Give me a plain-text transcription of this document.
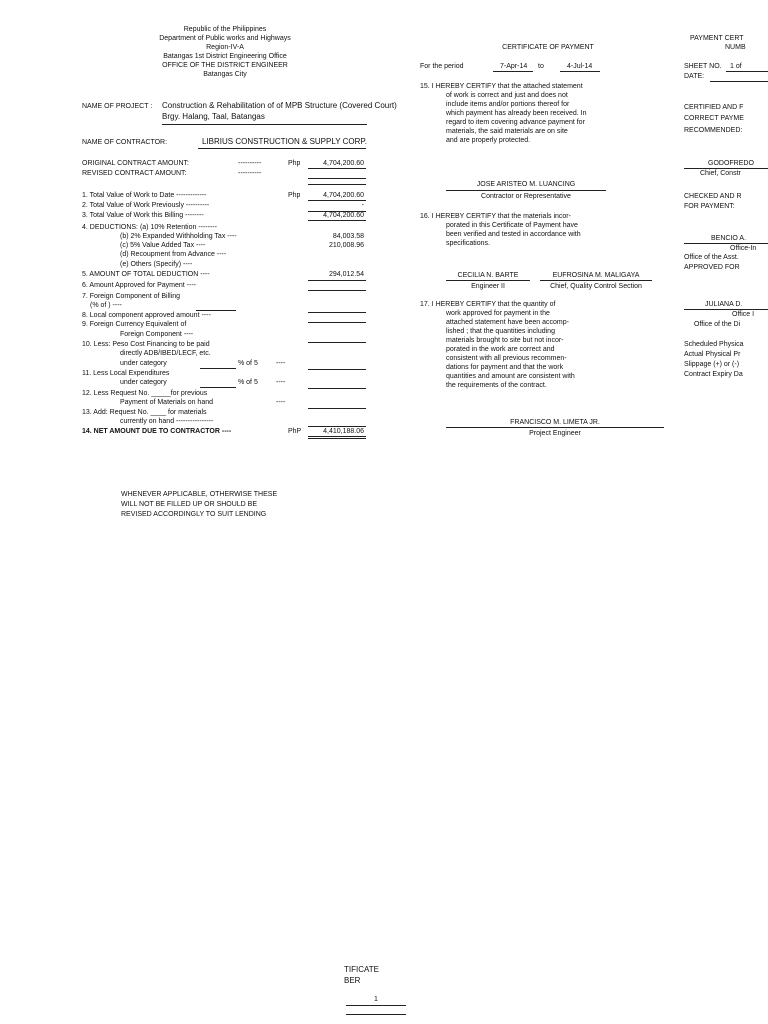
Republic of the Philippines
Department of Public works and Highways
Region-IV-A
Batangas 1st District Engineering Office
OFFICE OF THE DISTRICT ENGINEER
Batangas City
NAME OF PROJECT : Construction & Rehabilitation of of MPB Structure (Covered Court)
Brgy. Halang, Taal, Batangas
NAME OF CONTRACTOR:	LIBRIUS CONSTRUCTION & SUPPLY CORP.
ORIGINAL CONTRACT AMOUNT:	----------	Php	4,704,200.60
REVISED CONTRACT AMOUNT:	----------
1. Total Value of Work to Date -------------	Php	4,704,200.60
2. Total Value of Work Previously ----------	-
3. Total Value of Work this Billing --------	4,704,200.60
4. DEDUCTIONS: (a) 10% Retention --------
(b) 2% Expanded Withholding Tax ----	84,003.58
(c) 5% Value Added Tax ----	210,008.96
(d) Recoupment from Advance ----
(e) Others (Specify) ----
5. AMOUNT OF TOTAL DEDUCTION ----	294,012.54
6. Amount Approved for Payment ----
7. Foreign Component of Billing
(% of ) ----
8. Local component approved amount ----
9. Foreign Currency Equivalent of
Foreign Component ----
10. Less: Peso Cost Financing to be paid
directly ADB/IBED/LECF, etc.
under category	% of 5	----
11. Less Local Expenditures
under category	% of 5	----
12. Less Request No. _____for previous
Payment of Materials on hand	----
13. Add: Request No. ____ for materials
currently on hand ----------------
14. NET AMOUNT DUE TO CONTRACTOR ----	PhP	4,410,188.06
WHENEVER APPLICABLE, OTHERWISE THESE
WILL NOT BE FILLED UP OR SHOULD BE
REVISED ACCORDINGLY TO SUIT LENDING
CERTIFICATE OF PAYMENT
For the period	7-Apr-14 to	4-Jul-14
15. I HEREBY CERTIFY that the attached statement
of work is correct and just and does not
include items and/or portions thereof for
which payment has already been received. In
regard to item covering advance payment for
materials, the said materials are on site
and are properly protected.
JOSE ARISTEO M. LUANCING
Contractor or Representative
16. I HEREBY CERTIFY that the materials incor-
porated in this Certificate of Payment have
been verified and tested in accordance with
specifications.
CECILIA N. BARTE
Engineer II
EUFROSINA M. MALIGAYA
Chief, Quality Control Section
17. I HEREBY CERTIFY that the quantity of
work approved for payment in the
attached statement have been accomp-
lished ; that the quantities including
materials brought to site but not incor-
porated in the work are correct and
consistent with all previous recommen-
dations for payment and that the work
quantities and amount are consistent with
the requirements of the contract.
FRANCISCO M. LIMETA JR.
Project Engineer
PAYMENT CERT
NUMB
SHEET NO. 1 of
DATE:
CERTIFIED AND F
CORRECT PAYME
RECOMMENDED:
GODOFREDO
Chief, Constr
CHECKED AND R
FOR PAYMENT:
BENCIO A.
Office-In
Office of the Asst.
APPROVED FOR
JULIANA D.
Office I
Office of the Di
Scheduled Physica
Actual Physical Pr
Slippage (+) or (-)
Contract Expiry Da
TIFICATE
BER
1
